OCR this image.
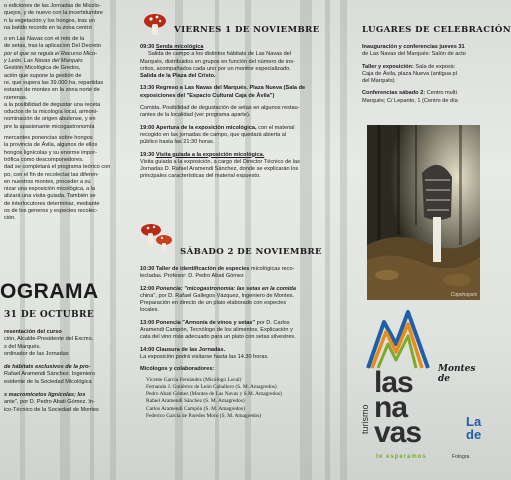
o ediciones de las Jornadas de Micolo-

quejos, y de nuevo con la incertidumbre

n la vegetación y los hongos, tras un

na batido records en la zona centro

o en Las Navas con el reto de la

de setas, tras la aplicacion Del Decreto

por el que se regula el Recurso Mico-

y León. Las Navas del Marqués

Gestión Micológica de Gredos,

ación que supone la gestión de

re, que supera las 39.000 ha, repartidas

estaran de montes en la zona norte de

rzerenas.

a la posibilidad de degustar una receta

oductos de la micología local, armoni-

nominación de origen abulense, y en

pre la apasionante micogastronomía

mercantes ponencias sobre hongos

la provincia de Ávila, algunos de ellos

hongos lignícolas y su enorme impor-

trófica como descomponedores.

dad se completará el programa teórico con

po, con el fin de recolectar las diferen-

en nuestros montes, proceder a su

nizar una exposición micológica, a la

alizará una visita guiada. También se

de interlocutores determinar, mediante

os de los generos y especies recolec-

ción.

OGRAMA
31 DE OCTUBRE

resentación del curso

ción, Alcalde-Presidente del Excmo.

s del Marqués.

ordinador de las Jornadas

de hábitats exclusivos de la pro-

Rafael Aramendi Sánchez. Ingeniero

esidente de la Sociedad Micológica

s macromicetos lignícolas; los

ante", por D. Pedro Abati Gómez. In-

ico-Técnico de la Sociedad de Montes

VIERNES 1 DE NOVIEMBRE

09:30 Senda micológica

Salida de campo a los distintos hábitats de Las Navas del

Marqués, distribuidos en grupos en función del número de ins-

critos, acompañados cada uno por un monitor especializado.

Salida de la Plaza del Cristo.

13:30 Regreso a Las Navas del Marqués. Plaza Nueva (Sala de

exposiciones del "Espacio Cultural Caja de Ávila")

Comida. Posibilidad de degustación de setas en algunos restau-

rantes de la localidad (ver programa aparte).

19:00 Apertura de la exposición micológica, con el material

recogido en las jornadas de campo, que quedará abierta al

público hasta las 21:30 horas.

19:30 Visita guiada a la exposición micológica.

Visita guiada a la exposición, a cargo del Director Técnico de las

Jornadas D. Rafael Aramendi Sánchez, donde se explicarán los

principales características del material expuesto.

SÁBADO 2 DE NOVIEMBRE

10:30 Taller de identificación de especies micológicas reco-

lectadas. Profesor: D. Pedro Abati Gómez

12:00 Ponencia: "micogastronomía: las setas en la comida

china", por D. Rafael Gallegos Vázquez, Ingeniero de Montes.

Preparación en directo de un plato elaborado con especies

locales.

13:00 Ponencia "Armonía de vinos y setas" por D. Carlos

Aramendi Campón, Tecnólogo de los alimentos. Explicación y

cata del vino más adecuado para un plato con setas silvestres.

14:00 Clausura de las Jornadas.

La exposición podrá visitarse hasta las 14.30 horas.

Micólogos y colaboradores:

Vicente García Fernández (Micólogo Local)

Fernando J. Gutiérrez de León Caballero (S. M. Amagredos)

Pedro Abati Gómez (Montes de Las Navas y S.M. Amagredos)

Rafael Aramendi Sánchez (S. M. Amagredos)

Carlos Aramendi Campón (S. M. Amagredos)

Federico García de Paredes Moro (S. M. Amagredos)

LUGARES DE CELEBRACIÓN

Inauguración y conferencias jueves 31

de Las Navas del Marqués: Salón de acto

Taller y exposición: Sala de exposic

Caja de Ávila, plaza Nueva (antigua pl

del Marqués)

Conferencias sábado 2: Centro multi

Marqués; C/ Lepanto, 1 (Centro de día

Coprinopsis
turismo
las
na
vas
te esperamos
Montes de
La
de
Fotogra
